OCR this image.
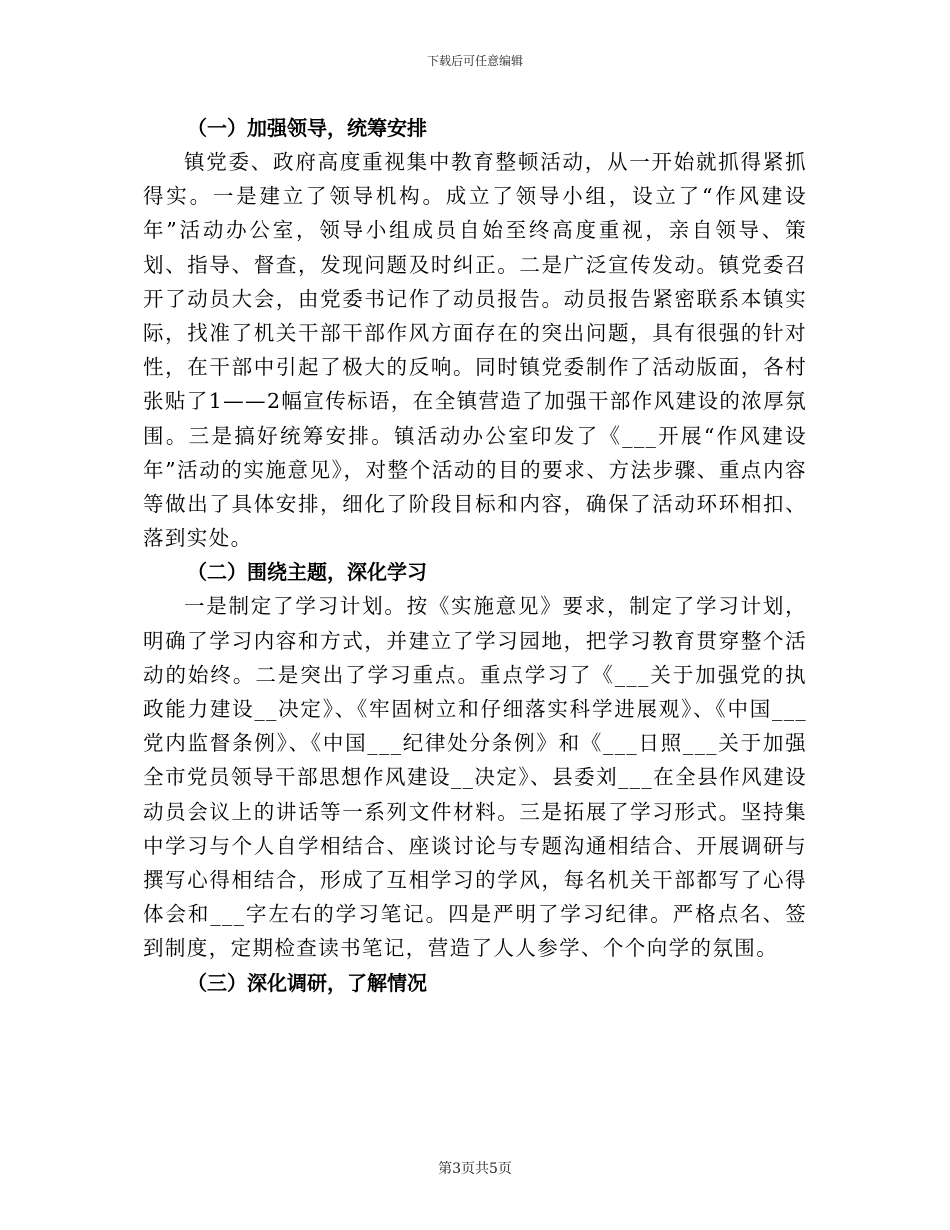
下载后可任意编辑
（一）加强领导，统筹安排

镇党委、政府高度重视集中教育整顿活动，从一开始就抓得紧抓得实。一是建立了领导机构。成立了领导小组，设立了“作风建设年”活动办公室，领导小组成员自始至终高度重视，亲自领导、策划、指导、督查，发现问题及时纠正。二是广泛宣传发动。镇党委召开了动员大会，由党委书记作了动员报告。动员报告紧密联系本镇实际，找准了机关干部干部作风方面存在的突出问题，具有很强的针对性，在干部中引起了极大的反响。同时镇党委制作了活动版面，各村张贴了1——2幅宣传标语，在全镇营造了加强干部作风建设的浓厚氛围。三是搞好统筹安排。镇活动办公室印发了《___开展“作风建设年”活动的实施意见》，对整个活动的目的要求、方法步骤、重点内容等做出了具体安排，细化了阶段目标和内容，确保了活动环环相扣、落到实处。

（二）围绕主题，深化学习

一是制定了学习计划。按《实施意见》要求，制定了学习计划，明确了学习内容和方式，并建立了学习园地，把学习教育贯穿整个活动的始终。二是突出了学习重点。重点学习了《___关于加强党的执政能力建设__决定》、《牢固树立和仔细落实科学进展观》、《中国___党内监督条例》、《中国___纪律处分条例》和《___日照___关于加强全市党员领导干部思想作风建设__决定》、县委刘___在全县作风建设动员会议上的讲话等一系列文件材料。三是拓展了学习形式。坚持集中学习与个人自学相结合、座谈讨论与专题沟通相结合、开展调研与撰写心得相结合，形成了互相学习的学风，每名机关干部都写了心得体会和___字左右的学习笔记。四是严明了学习纪律。严格点名、签到制度，定期检查读书笔记，营造了人人参学、个个向学的氛围。

（三）深化调研，了解情况
第3页共5页
